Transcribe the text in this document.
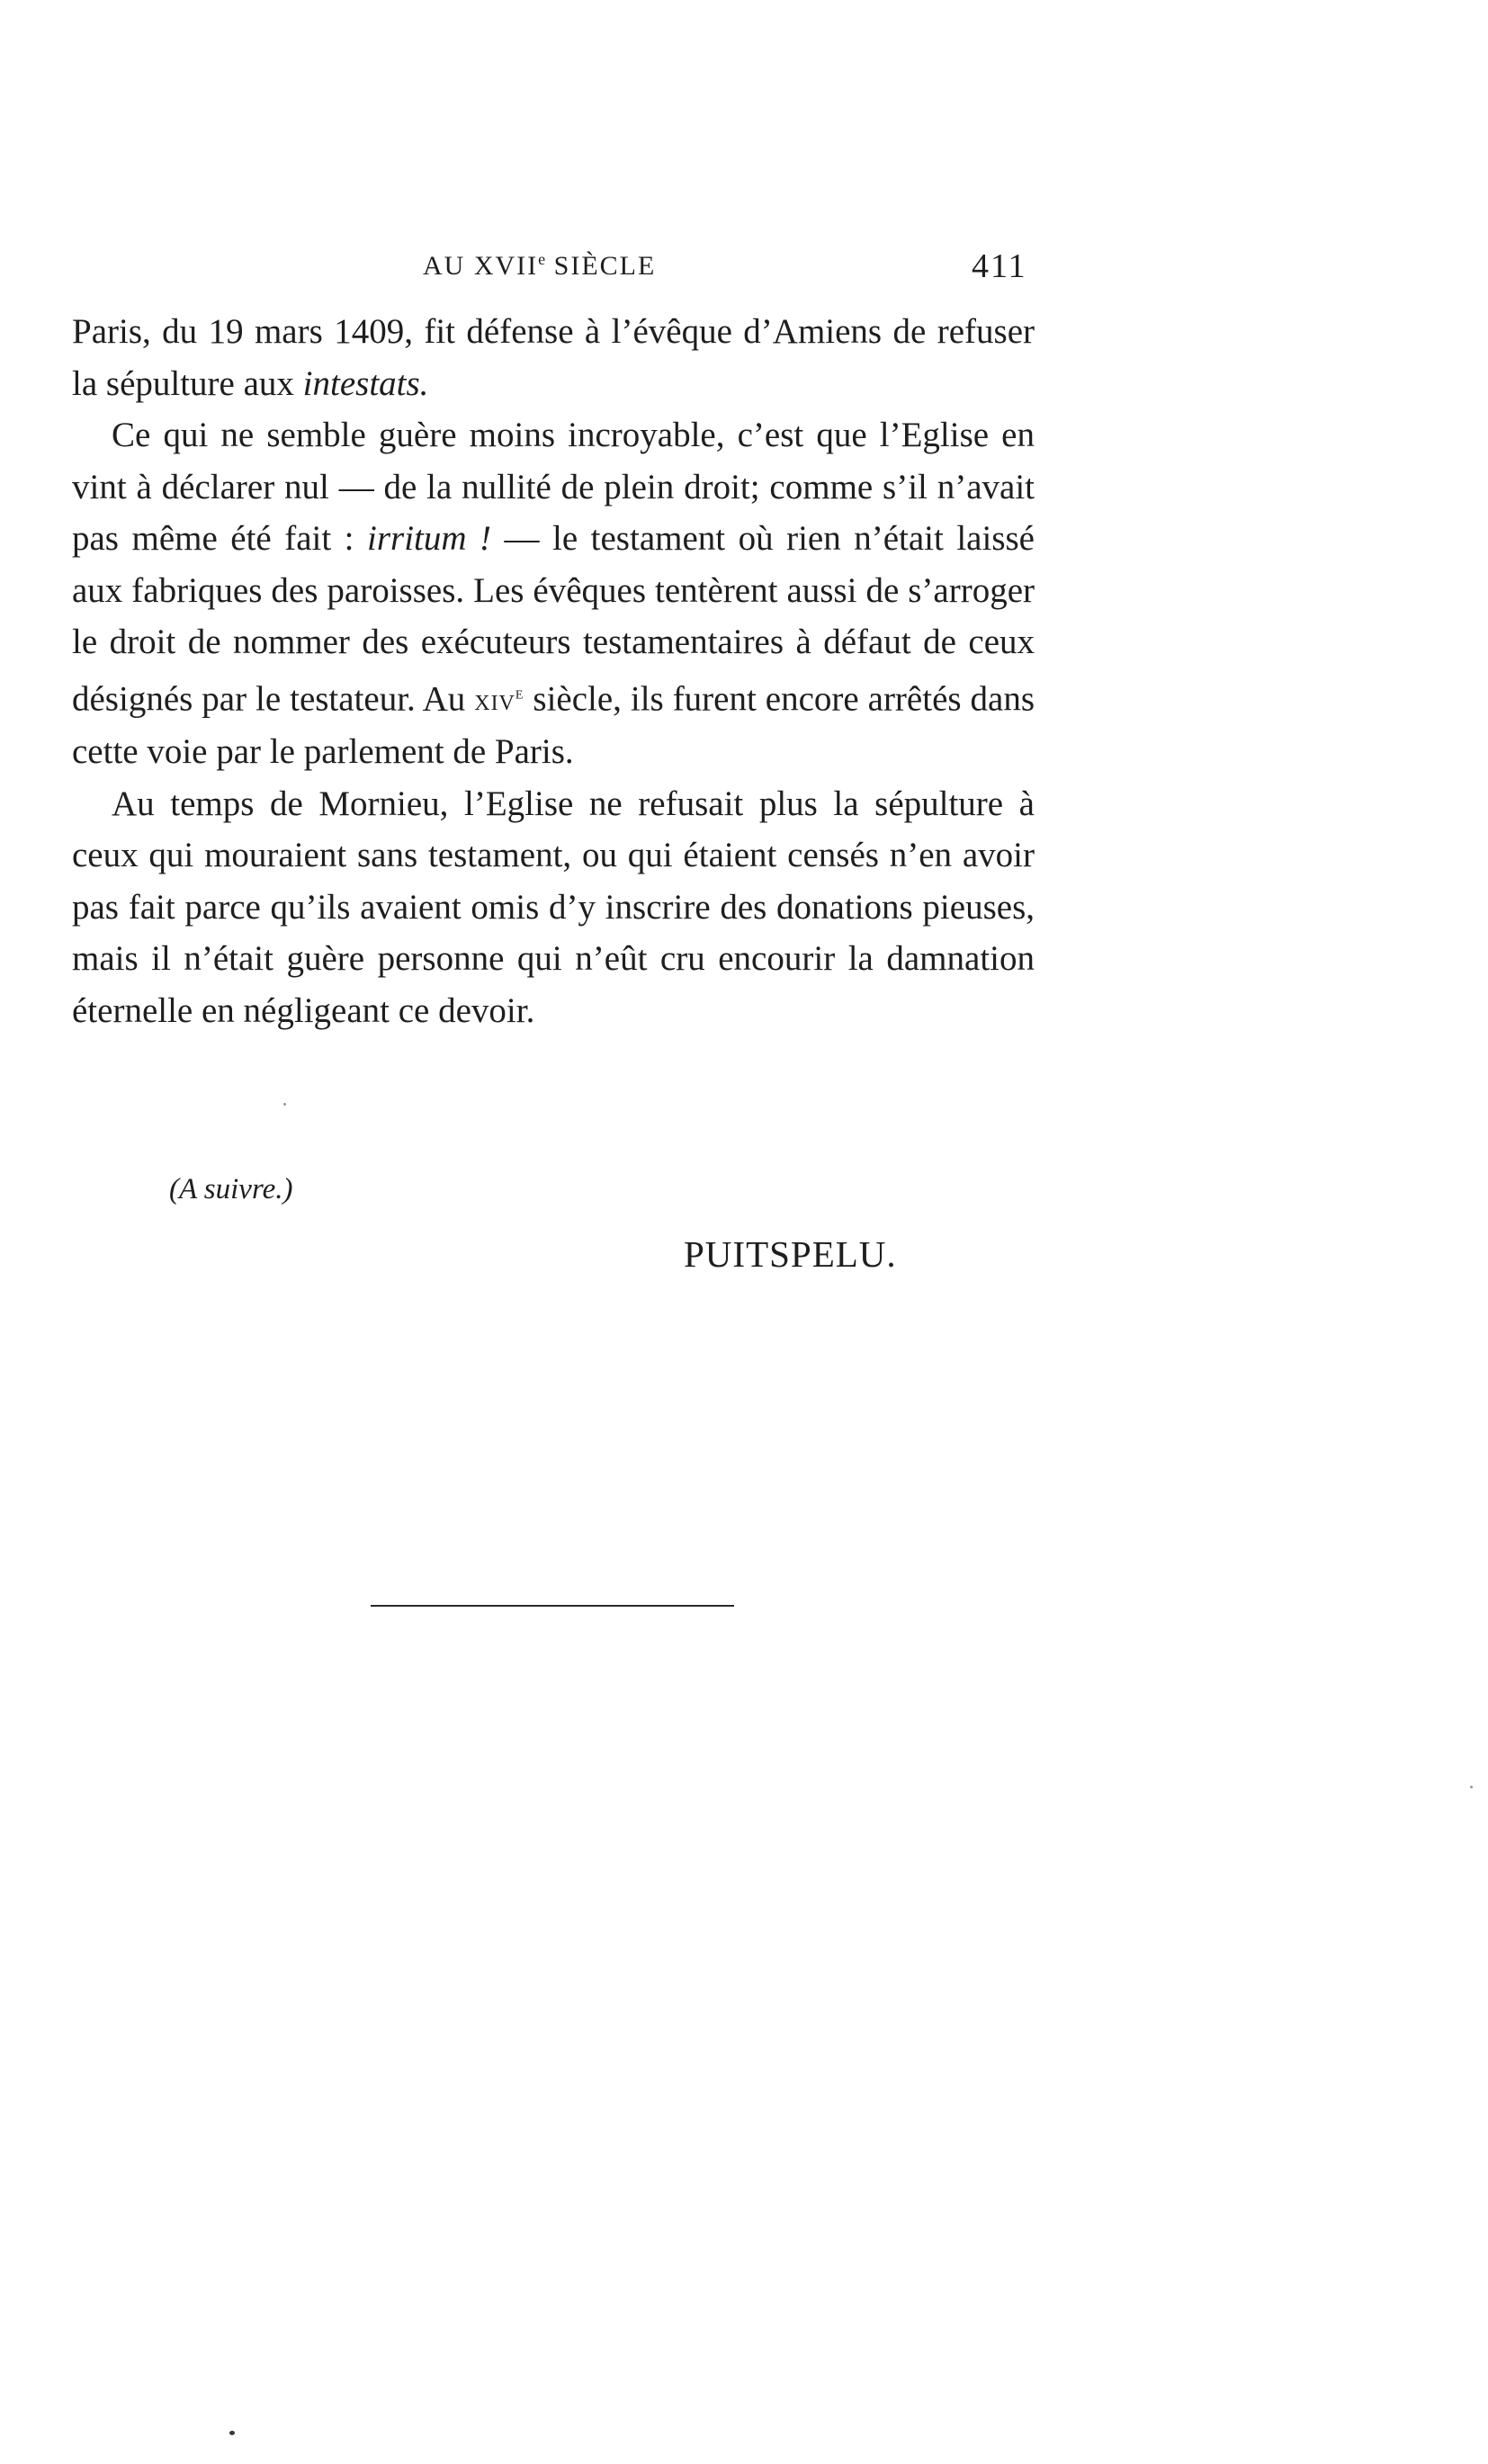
AU XVIIe SIÈCLE	411

Paris, du 19 mars 1409, fit défense à l’évêque d’Amiens de refuser la sépulture aux intestats.

Ce qui ne semble guère moins incroyable, c’est que l’Eglise en vint à déclarer nul — de la nullité de plein droit; comme s’il n’avait pas même été fait : irritum ! — le testament où rien n’était laissé aux fabriques des paroisses. Les évêques tentèrent aussi de s’arroger le droit de nommer des exécuteurs testamentaires à défaut de ceux désignés par le testateur. Au xiv$^e$ siècle, ils furent encore arrêtés dans cette voie par le parlement de Paris.

Au temps de Mornieu, l’Eglise ne refusait plus la sépulture à ceux qui mouraient sans testament, ou qui étaient censés n’en avoir pas fait parce qu’ils avaient omis d’y inscrire des donations pieuses, mais il n’était guère personne qui n’eût cru encourir la damnation éternelle en négligeant ce devoir.

(A suivre.)
PUITSPELU.
